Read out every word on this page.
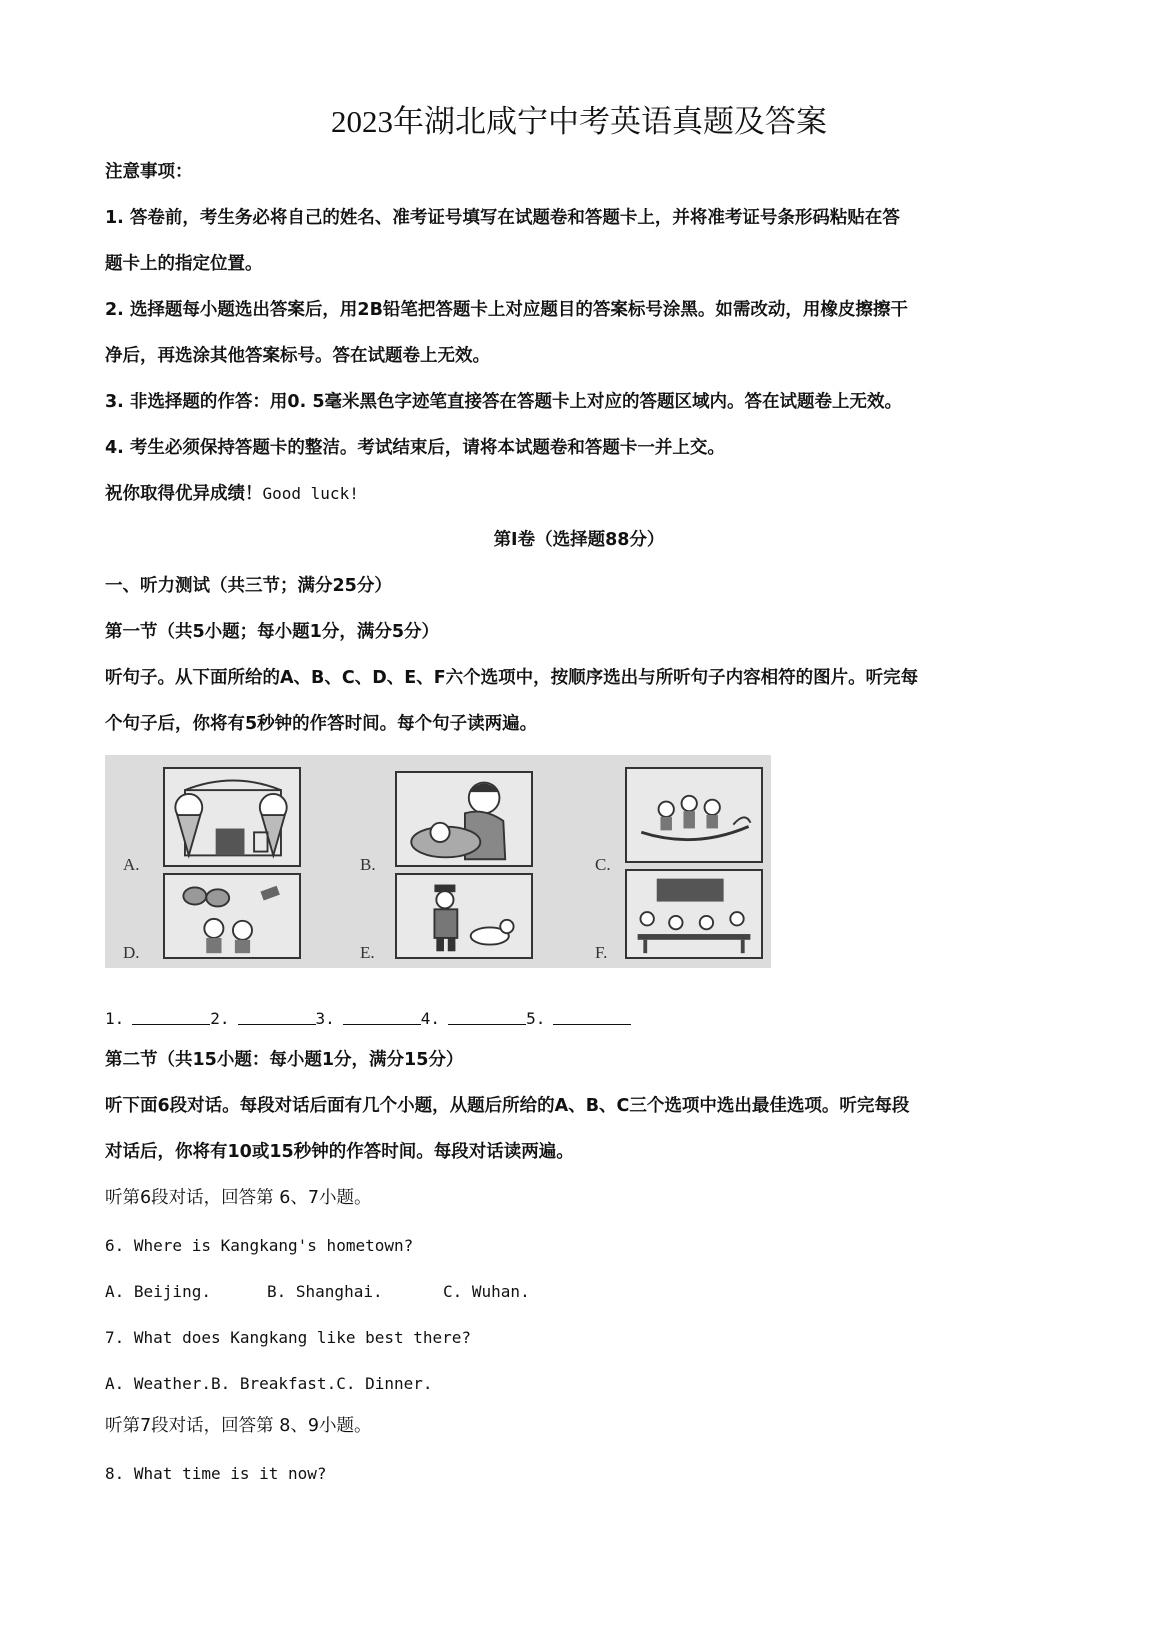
2023年湖北咸宁中考英语真题及答案
注意事项：
1. 答卷前，考生务必将自己的姓名、准考证号填写在试题卷和答题卡上，并将准考证号条形码粘贴在答
题卡上的指定位置。
2. 选择题每小题选出答案后，用2B铅笔把答题卡上对应题目的答案标号涂黑。如需改动，用橡皮擦擦干
净后，再选涂其他答案标号。答在试题卷上无效。
3. 非选择题的作答：用0. 5毫米黑色字迹笔直接答在答题卡上对应的答题区域内。答在试题卷上无效。
4. 考生必须保持答题卡的整洁。考试结束后，请将本试题卷和答题卡一并上交。
祝你取得优异成绩！Good luck!
第Ⅰ卷（选择题88分）
一、听力测试（共三节；满分25分）
第一节（共5小题；每小题1分，满分5分）
听句子。从下面所给的A、B、C、D、E、F六个选项中，按顺序选出与所听句子内容相符的图片。听完每
个句子后，你将有5秒钟的作答时间。每个句子读两遍。
A.	B.	C.
D.	E.	F.
1.	2.	3.	4.	5.
第二节（共15小题：每小题1分，满分15分）
听下面6段对话。每段对话后面有几个小题，从题后所给的A、B、C三个选项中选出最佳选项。听完每段
对话后，你将有10或15秒钟的作答时间。每段对话读两遍。
听第6段对话，回答第 6、7小题。
6. Where is Kangkang's hometown?
A. Beijing.	B. Shanghai.	C. Wuhan.
7. What does Kangkang like best there?
A. Weather.B. Breakfast.C. Dinner.
听第7段对话，回答第 8、9小题。
8. What time is it now?
